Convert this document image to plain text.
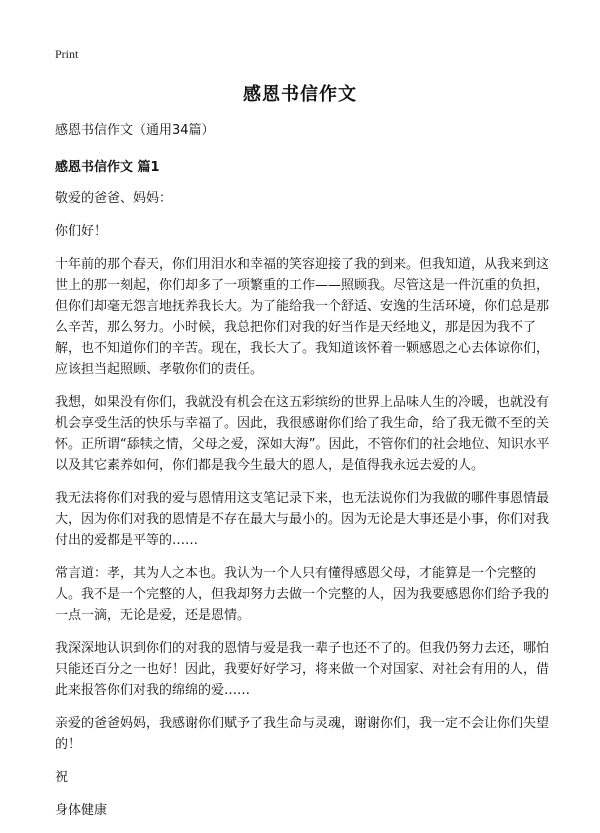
Print
感恩书信作文

感恩书信作文（通用34篇）

感恩书信作文 篇1

敬爱的爸爸、妈妈：

你们好！

十年前的那个春天，你们用泪水和幸福的笑容迎接了我的到来。但我知道，从我来到这世上的那一刻起，你们却多了一项繁重的工作——照顾我。尽管这是一件沉重的负担，但你们却毫无怨言地抚养我长大。为了能给我一个舒适、安逸的生活环境，你们总是那么辛苦，那么努力。小时候，我总把你们对我的好当作是天经地义，那是因为我不了解，也不知道你们的辛苦。现在，我长大了。我知道该怀着一颗感恩之心去体谅你们，应该担当起照顾、孝敬你们的责任。

我想，如果没有你们，我就没有机会在这五彩缤纷的世界上品味人生的冷暖，也就没有机会享受生活的快乐与幸福了。因此，我很感谢你们给了我生命，给了我无微不至的关怀。正所谓“舔犊之情，父母之爱，深如大海”。因此，不管你们的社会地位、知识水平以及其它素养如何，你们都是我今生最大的恩人，是值得我永远去爱的人。

我无法将你们对我的爱与恩情用这支笔记录下来，也无法说你们为我做的哪件事恩情最大，因为你们对我的恩情是不存在最大与最小的。因为无论是大事还是小事，你们对我付出的爱都是平等的……

常言道：孝，其为人之本也。我认为一个人只有懂得感恩父母，才能算是一个完整的人。我不是一个完整的人，但我却努力去做一个完整的人，因为我要感恩你们给予我的一点一滴，无论是爱，还是恩情。

我深深地认识到你们的对我的恩情与爱是我一辈子也还不了的。但我仍努力去还，哪怕只能还百分之一也好！因此，我要好好学习，将来做一个对国家、对社会有用的人，借此来报答你们对我的绵绵的爱……

亲爱的爸爸妈妈，我感谢你们赋予了我生命与灵魂，谢谢你们，我一定不会让你们失望的！

祝

身体健康
